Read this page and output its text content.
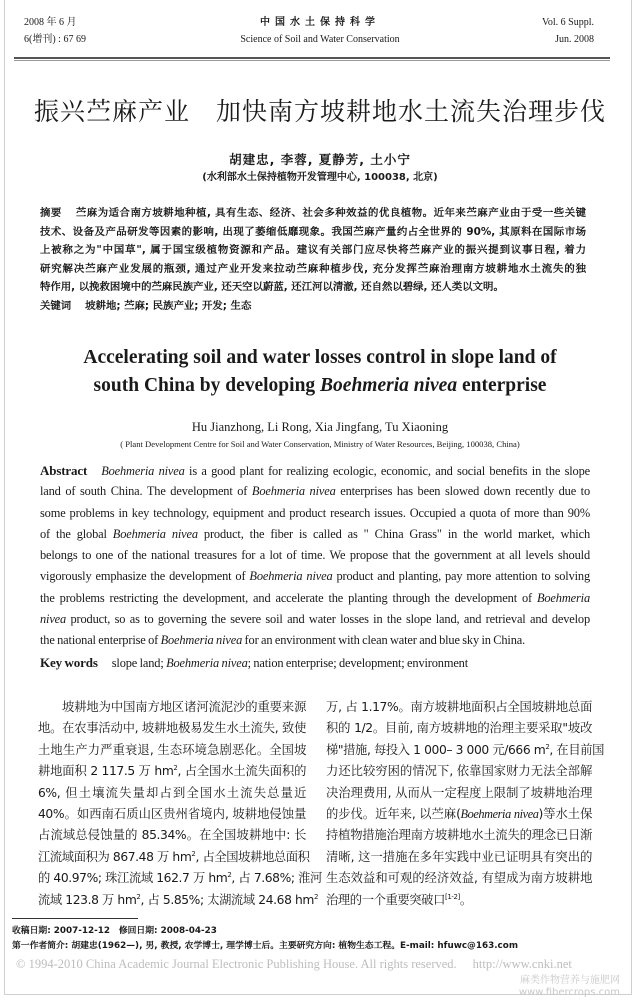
2008 年 6 月
6(增刊) : 67 69
中国水土保持科学
Science of Soil and Water Conservation
Vol. 6 Suppl.
Jun. 2008
振兴苎麻产业　加快南方坡耕地水土流失治理步伐
胡建忠, 李蓉, 夏静芳, 土小宁
(水利部水土保持植物开发管理中心, 100038, 北京)
摘要 苎麻为适合南方坡耕地种植, 具有生态、经济、社会多种效益的优良植物。近年来苎麻产业由于受一些关键
技术、设备及产品研发等因素的影响, 出现了萎缩低靡现象。我国苎麻产量约占全世界的 90%, 其原料在国际市场
上被称之为"中国草", 属于国宝级植物资源和产品。建议有关部门应尽快将苎麻产业的振兴提到议事日程, 着力
研究解决苎麻产业发展的瓶颈, 通过产业开发来拉动苎麻种植步伐, 充分发挥苎麻治理南方坡耕地水土流失的独
特作用, 以挽救困境中的苎麻民族产业, 还天空以蔚蓝, 还江河以清澈, 还自然以碧绿, 还人类以文明。
关键词 坡耕地; 苎麻; 民族产业; 开发; 生态
Accelerating soil and water losses control in slope land of
south China by developing Boehmeria nivea enterprise
Hu Jianzhong, Li Rong, Xia Jingfang, Tu Xiaoning
( Plant Development Centre for Soil and Water Conservation, Ministry of Water Resources, Beijing, 100038, China)
Abstract Boehmeria nivea is a good plant for realizing ecologic, economic, and social benefits in the slope
land of south China. The development of Boehmeria nivea enterprises has been slowed down recently due to
some problems in key technology, equipment and product research issues. Occupied a quota of more than 90%
of the global Boehmeria nivea product, the fiber is called as " China Grass" in the world market, which
belongs to one of the national treasures for a lot of time. We propose that the government at all levels should
vigorously emphasize the development of Boehmeria nivea product and planting, pay more attention to solving
the problems restricting the development, and accelerate the planting through the development of Boehmeria
nivea product, so as to governing the severe soil and water losses in the slope land, and retrieval and develop
the national enterprise of Boehmeria nivea for an environment with clean water and blue sky in China.
Key words slope land; Boehmeria nivea; nation enterprise; development; environment
坡耕地为中国南方地区诸河流泥沙的重要来源
地。在农事活动中, 坡耕地极易发生水土流失, 致使
土地生产力严重衰退, 生态环境急剧恶化。全国坡
耕地面积 2 117.5 万 $hm^2$, 占全国水土流失面积的
6%, 但土壤流失量却占到全国水土流失总量近
40%。如西南石质山区贵州省境内, 坡耕地侵蚀量
占流域总侵蚀量的 85.34%。在全国坡耕地中: 长
江流域面积为 867.48 万 $hm^2$, 占全国坡耕地总面积
的 40.97%; 珠江流域 162.7 万 $hm^2$, 占 7.68%; 淮河
流域 123.8 万 $hm^2$, 占 5.85%; 太湖流域 24.68 $hm^2$
万, 占 1.17%。南方坡耕地面积占全国坡耕地总面
积的 1/2。目前, 南方坡耕地的治理主要采取"坡改
梯"措施, 每投入 1 000– 3 000 元/666 $m^2$, 在目前国
力还比较穷困的情况下, 依靠国家财力无法全部解
决治理费用, 从而从一定程度上限制了坡耕地治理
的步伐。近年来, 以苎麻(Boehmeria nivea)等水土保
持植物措施治理南方坡耕地水土流失的理念已日渐
清晰, 这一措施在多年实践中业已证明具有突出的
生态效益和可观的经济效益, 有望成为南方坡耕地
治理的一个重要突破口[1-2]。
收稿日期: 2007-12-12　修回日期: 2008-04-23
第一作者简介: 胡建忠(1962—), 男, 教授, 农学博士, 理学博士后。主要研究方向: 植物生态工程。E-mail: hfuwc@163.com
© 1994-2010 China Academic Journal Electronic Publishing House. All rights reserved. http://www.cnki.net
麻类作物营养与施肥网
www.fibercrops.com
